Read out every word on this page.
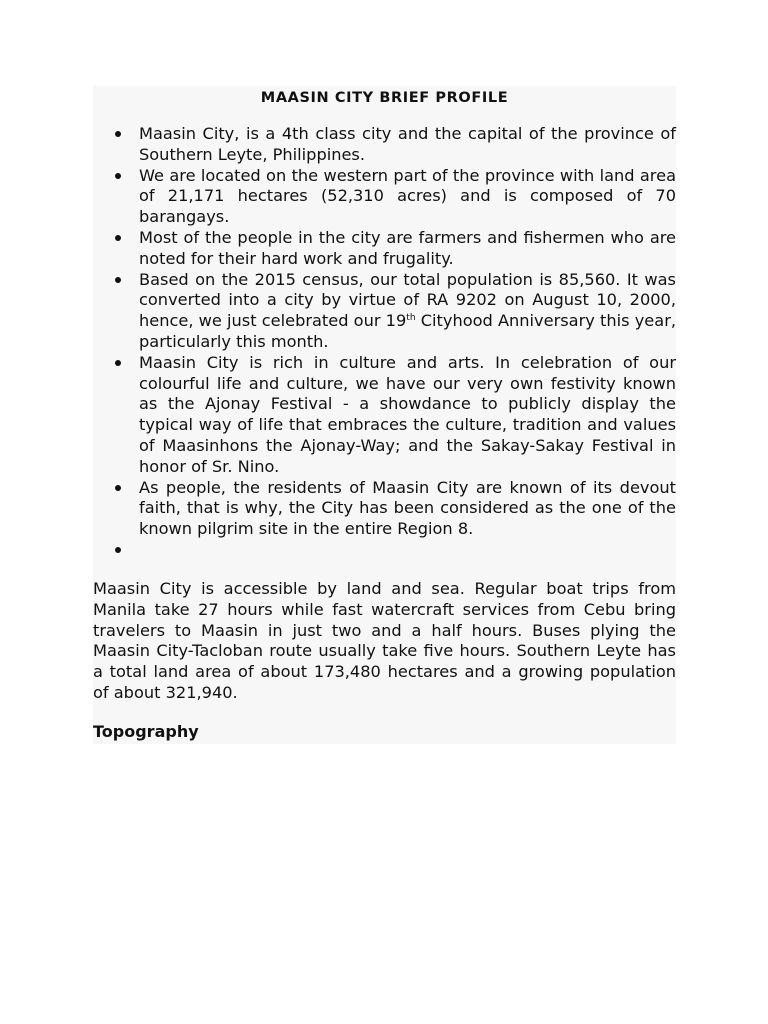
MAASIN CITY BRIEF PROFILE
Maasin City, is a 4th class city and the capital of the province of Southern Leyte, Philippines.
We are located on the western part of the province with land area of 21,171 hectares (52,310 acres) and is composed of 70 barangays.
Most of the people in the city are farmers and fishermen who are noted for their hard work and frugality.
Based on the 2015 census, our total population is 85,560. It was converted into a city by virtue of RA 9202 on August 10, 2000, hence, we just celebrated our 19th Cityhood Anniversary this year, particularly this month.
Maasin City is rich in culture and arts. In celebration of our colourful life and culture, we have our very own festivity known as the Ajonay Festival - a showdance to publicly display the typical way of life that embraces the culture, tradition and values of Maasinhons the Ajonay-Way; and the Sakay-Sakay Festival in honor of Sr. Nino.
As people, the residents of Maasin City are known of its devout faith, that is why, the City has been considered as the one of the known pilgrim site in the entire Region 8.

Maasin City is accessible by land and sea. Regular boat trips from Manila take 27 hours while fast watercraft services from Cebu bring travelers to Maasin in just two and a half hours. Buses plying the Maasin City-Tacloban route usually take five hours. Southern Leyte has a total land area of about 173,480 hectares and a growing population of about 321,940.

Topography
